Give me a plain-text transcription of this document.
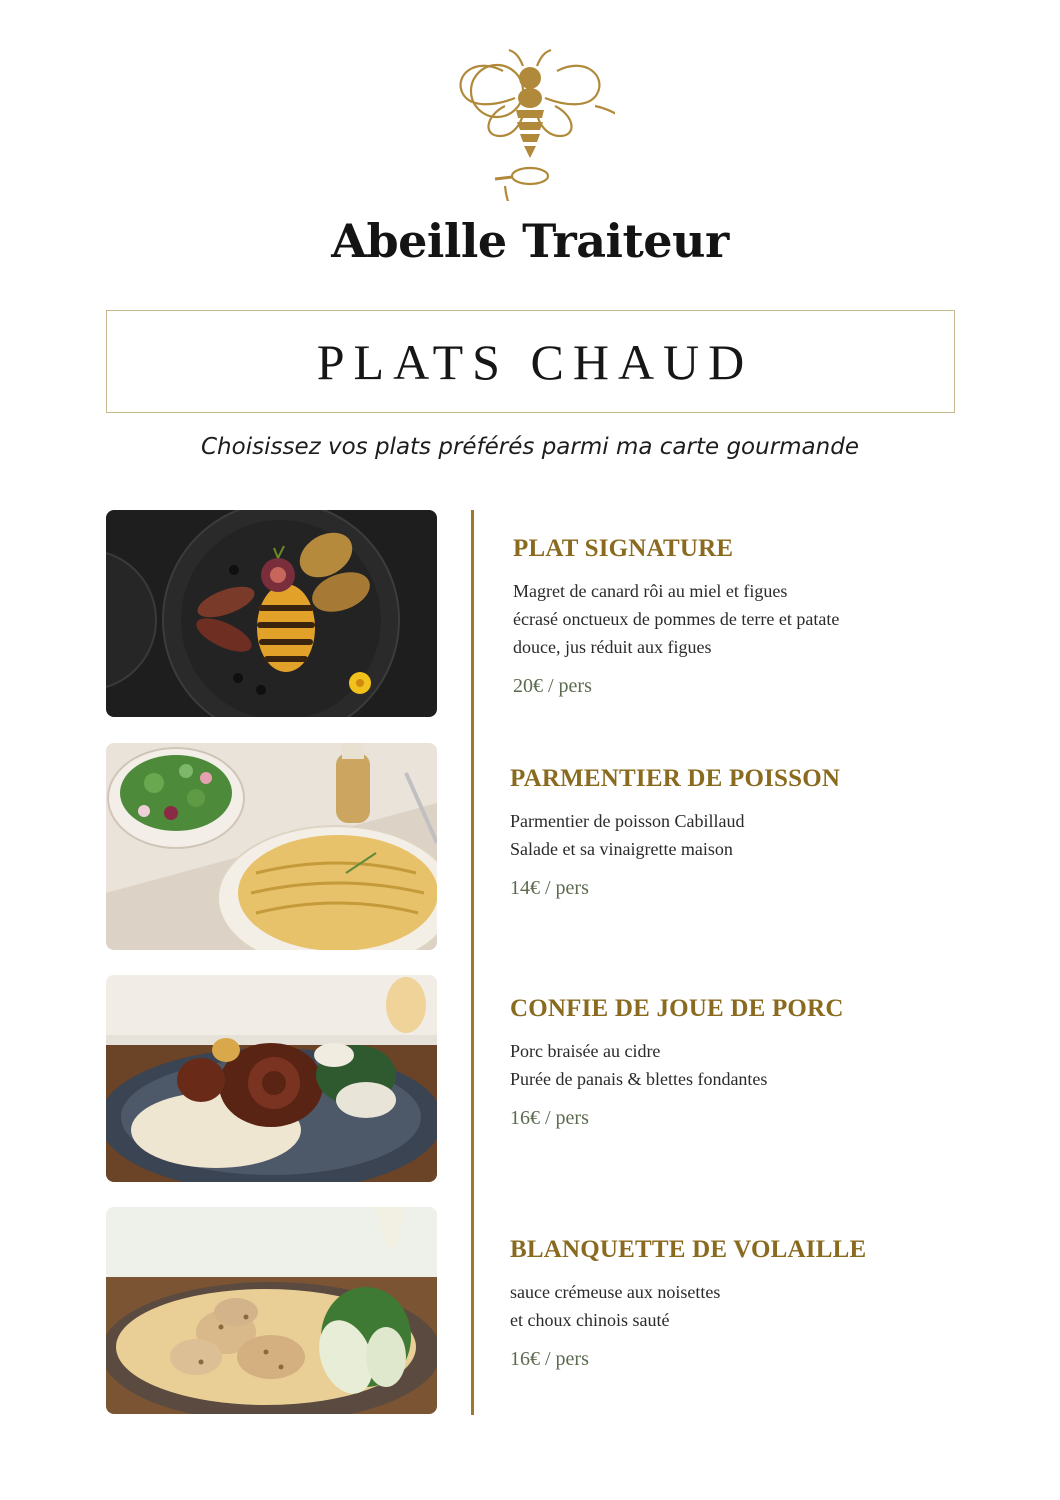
Abeille Traiteur
PLATS CHAUD
Choisissez vos plats préférés parmi ma carte gourmande
PLAT SIGNATURE
Magret de canard rôi au miel et figues
écrasé onctueux de pommes de terre et patate
douce, jus réduit aux figues
20€ / pers
PARMENTIER DE POISSON
Parmentier de poisson Cabillaud
Salade et sa vinaigrette maison
14€ / pers
CONFIE DE JOUE DE PORC
Porc braisée au cidre
Purée de panais & blettes fondantes
16€ / pers
BLANQUETTE DE VOLAILLE
sauce crémeuse aux noisettes
et choux chinois sauté
16€ / pers
